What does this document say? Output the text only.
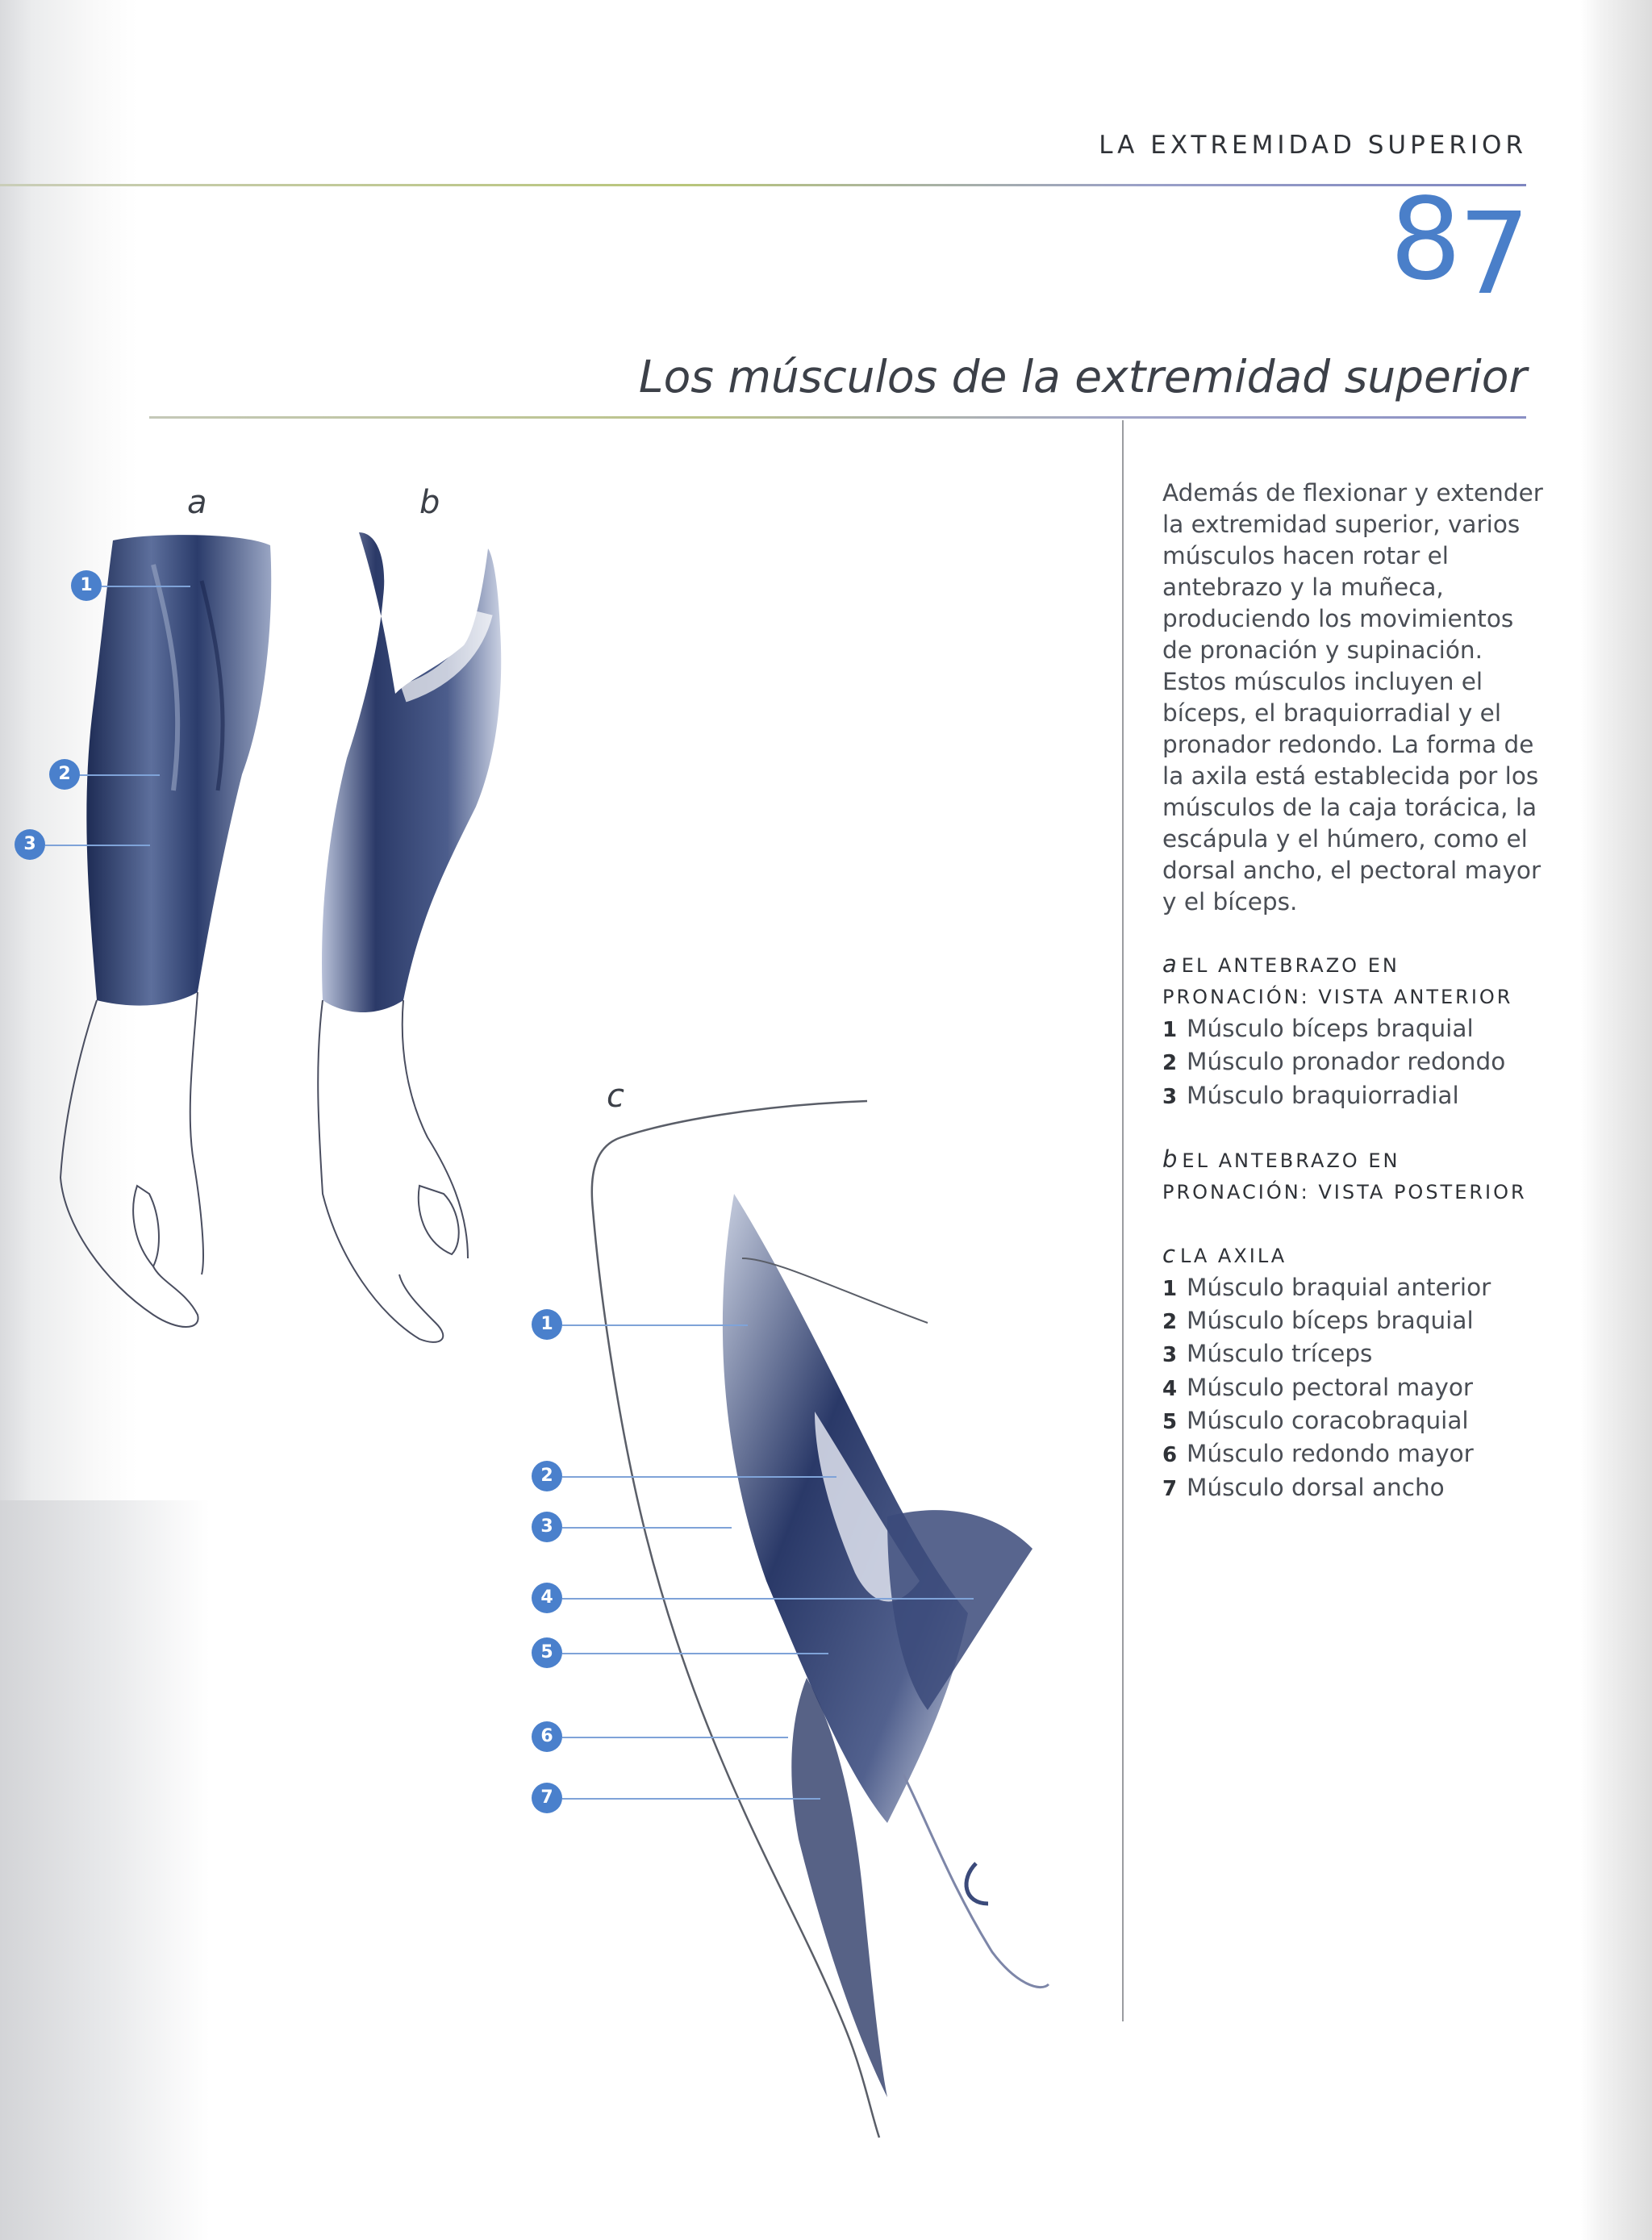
LA EXTREMIDAD SUPERIOR
87
Los músculos de la extremidad superior
a	b
c
1
2
3
1
2
3
4
5
6
7

Además de flexionar y extender
la extremidad superior, varios
músculos hacen rotar el
antebrazo y la muñeca,
produciendo los movimientos
de pronación y supinación.
Estos músculos incluyen el
bíceps, el braquiorradial y el
pronador redondo. La forma de
la axila está establecida por los
músculos de la caja torácica, la
escápula y el húmero, como el
dorsal ancho, el pectoral mayor
y el bíceps.

a EL ANTEBRAZO EN
PRONACIÓN: VISTA ANTERIOR
1 Músculo bíceps braquial
2 Músculo pronador redondo
3 Músculo braquiorradial
b EL ANTEBRAZO EN
PRONACIÓN: VISTA POSTERIOR
c LA AXILA
1 Músculo braquial anterior
2 Músculo bíceps braquial
3 Músculo tríceps
4 Músculo pectoral mayor
5 Músculo coracobraquial
6 Músculo redondo mayor
7 Músculo dorsal ancho
